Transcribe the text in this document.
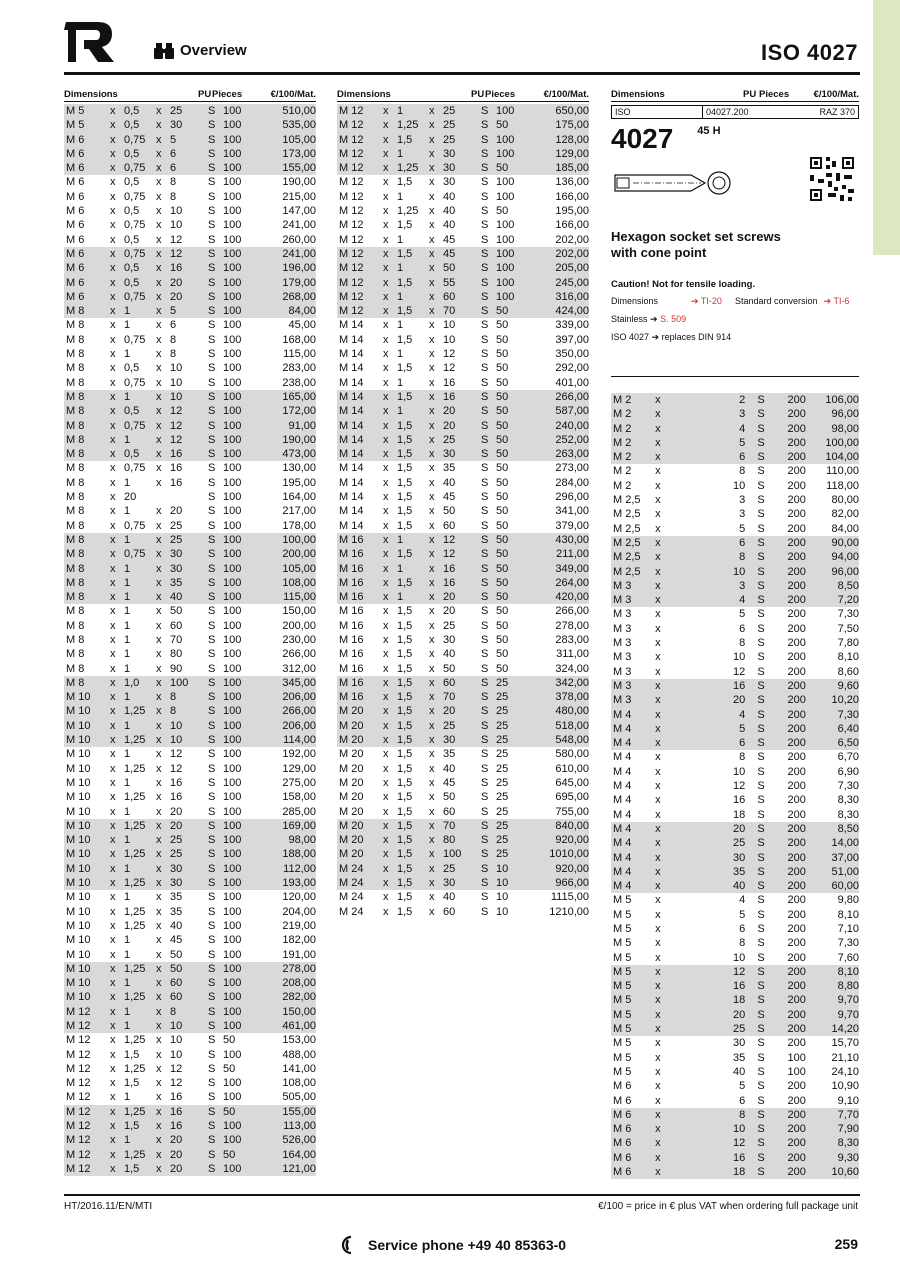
Overview	ISO 4027
Dimensions	PU Pieces	€/100/Mat.
M 5	x 0,5	x 25	S 100	510,00
M 5	x 0,5	x 30	S 100	535,00
M 6	x 0,75 x 5	S 100	105,00
M 6	x 0,5	x 6	S 100	173,00
M 6	x 0,75 x 6	S 100	155,00
M 6	x 0,5	x 8	S 100	190,00
M 6	x 0,75 x 8	S 100	215,00
M 6	x 0,5	x 10	S 100	147,00
M 6	x 0,75 x 10	S 100	241,00
M 6	x 0,5	x 12	S 100	260,00
M 6	x 0,75 x 12	S 100	241,00
M 6	x 0,5	x 16	S 100	196,00
M 6	x 0,5	x 20	S 100	179,00
M 6	x 0,75 x 20	S 100	268,00
M 8	x 1	x 5	S 100	84,00
M 8	x 1	x 6	S 100	45,00
M 8	x 0,75 x 8	S 100	168,00
M 8	x 1	x 8	S 100	115,00
M 8	x 0,5	x 10	S 100	283,00
M 8	x 0,75 x 10	S 100	238,00
M 8	x 1	x 10	S 100	165,00
M 8	x 0,5	x 12	S 100	172,00
M 8	x 0,75 x 12	S 100	91,00
M 8	x 1	x 12	S 100	190,00
M 8	x 0,5	x 16	S 100	473,00
M 8	x 0,75 x 16	S 100	130,00
M 8	x 1	x 16	S 100	195,00
M 8	x 20	S 100	164,00
M 8	x 1	x 20	S 100	217,00
M 8	x 0,75 x 25	S 100	178,00
M 8	x 1	x 25	S 100	100,00
M 8	x 0,75 x 30	S 100	200,00
M 8	x 1	x 30	S 100	105,00
M 8	x 1	x 35	S 100	108,00
M 8	x 1	x 40	S 100	115,00
M 8	x 1	x 50	S 100	150,00
M 8	x 1	x 60	S 100	200,00
M 8	x 1	x 70	S 100	230,00
M 8	x 1	x 80	S 100	266,00
M 8	x 1	x 90	S 100	312,00
M 8	x 1,0	x 100	S 100	345,00
M 10	x 1	x 8	S 100	206,00
M 10	x 1,25 x 8	S 100	266,00
M 10	x 1	x 10	S 100	206,00
M 10	x 1,25 x 10	S 100	114,00
M 10	x 1	x 12	S 100	192,00
M 10	x 1,25 x 12	S 100	129,00
M 10	x 1	x 16	S 100	275,00
M 10	x 1,25 x 16	S 100	158,00
M 10	x 1	x 20	S 100	285,00
M 10	x 1,25 x 20	S 100	169,00
M 10	x 1	x 25	S 100	98,00
M 10	x 1,25 x 25	S 100	188,00
M 10	x 1	x 30	S 100	112,00
M 10	x 1,25 x 30	S 100	193,00
M 10	x 1	x 35	S 100	120,00
M 10	x 1,25 x 35	S 100	204,00
M 10	x 1,25 x 40	S 100	219,00
M 10	x 1	x 45	S 100	182,00
M 10	x 1	x 50	S 100	191,00
M 10	x 1,25 x 50	S 100	278,00
M 10	x 1	x 60	S 100	208,00
M 10	x 1,25 x 60	S 100	282,00
M 12	x 1	x 8	S 100	150,00
M 12	x 1	x 10	S 100	461,00
M 12	x 1,25 x 10	S 50	153,00
M 12	x 1,5	x 10	S 100	488,00
M 12	x 1,25 x 12	S 50	141,00
M 12	x 1,5	x 12	S 100	108,00
M 12	x 1	x 16	S 100	505,00
M 12	x 1,25 x 16	S 50	155,00
M 12	x 1,5	x 16	S 100	113,00
M 12	x 1	x 20	S 100	526,00
M 12	x 1,25 x 20	S 50	164,00
M 12	x 1,5	x 20	S 100	121,00
Dimensions	PU Pieces	€/100/Mat.
M 12	x 1	x 25	S 100	650,00
M 12	x 1,25 x 25	S 50	175,00
M 12	x 1,5	x 25	S 100	128,00
M 12	x 1	x 30	S 100	129,00
M 12	x 1,25 x 30	S 50	185,00
M 12	x 1,5	x 30	S 100	136,00
M 12	x 1	x 40	S 100	166,00
M 12	x 1,25 x 40	S 50	195,00
M 12	x 1,5	x 40	S 100	166,00
M 12	x 1	x 45	S 100	202,00
M 12	x 1,5	x 45	S 100	202,00
M 12	x 1	x 50	S 100	205,00
M 12	x 1,5	x 55	S 100	245,00
M 12	x 1	x 60	S 100	316,00
M 12	x 1,5	x 70	S 50	424,00
M 14	x 1	x 10	S 50	339,00
M 14	x 1,5	x 10	S 50	397,00
M 14	x 1	x 12	S 50	350,00
M 14	x 1,5	x 12	S 50	292,00
M 14	x 1	x 16	S 50	401,00
M 14	x 1,5	x 16	S 50	266,00
M 14	x 1	x 20	S 50	587,00
M 14	x 1,5	x 20	S 50	240,00
M 14	x 1,5	x 25	S 50	252,00
M 14	x 1,5	x 30	S 50	263,00
M 14	x 1,5	x 35	S 50	273,00
M 14	x 1,5	x 40	S 50	284,00
M 14	x 1,5	x 45	S 50	296,00
M 14	x 1,5	x 50	S 50	341,00
M 14	x 1,5	x 60	S 50	379,00
M 16	x 1	x 12	S 50	430,00
M 16	x 1,5	x 12	S 50	211,00
M 16	x 1	x 16	S 50	349,00
M 16	x 1,5	x 16	S 50	264,00
M 16	x 1	x 20	S 50	420,00
M 16	x 1,5	x 20	S 50	266,00
M 16	x 1,5	x 25	S 50	278,00
M 16	x 1,5	x 30	S 50	283,00
M 16	x 1,5	x 40	S 50	311,00
M 16	x 1,5	x 50	S 50	324,00
M 16	x 1,5	x 60	S 25	342,00
M 16	x 1,5	x 70	S 25	378,00
M 20	x 1,5	x 20	S 25	480,00
M 20	x 1,5	x 25	S 25	518,00
M 20	x 1,5	x 30	S 25	548,00
M 20	x 1,5	x 35	S 25	580,00
M 20	x 1,5	x 40	S 25	610,00
M 20	x 1,5	x 45	S 25	645,00
M 20	x 1,5	x 50	S 25	695,00
M 20	x 1,5	x 60	S 25	755,00
M 20	x 1,5	x 70	S 25	840,00
M 20	x 1,5	x 80	S 25	920,00
M 20	x 1,5	x 100	S 25	1010,00
M 24	x 1,5	x 25	S 10	920,00
M 24	x 1,5	x 30	S 10	966,00
M 24	x 1,5	x 40	S 10	1115,00
M 24	x 1,5	x 60	S 10	1210,00
Dimensions	PU Pieces	€/100/Mat.
ISO	04027.200	RAZ 370
4027 45 H
Hexagon socket set screws
with cone point
Caution! Not for tensile loading.
Dimensions	➔ TI-20	Standard conversion ➔ TI-6
Stainless ➔ S. 509
ISO 4027 ➔ replaces DIN 914
M 2	x	2	S	200	106,00
M 2	x	3	S	200	96,00
M 2	x	4	S	200	98,00
M 2	x	5	S	200	100,00
M 2	x	6	S	200	104,00
M 2	x	8	S	200	110,00
M 2	x	10	S	200	118,00
M 2,5	x	3	S	200	80,00
M 2,5	x	3	S	200	82,00
M 2,5	x	5	S	200	84,00
M 2,5	x	6	S	200	90,00
M 2,5	x	8	S	200	94,00
M 2,5	x	10	S	200	96,00
M 3	x	3	S	200	8,50
M 3	x	4	S	200	7,20
M 3	x	5	S	200	7,30
M 3	x	6	S	200	7,50
M 3	x	8	S	200	7,80
M 3	x	10	S	200	8,10
M 3	x	12	S	200	8,60
M 3	x	16	S	200	9,60
M 3	x	20	S	200	10,20
M 4	x	4	S	200	7,30
M 4	x	5	S	200	6,40
M 4	x	6	S	200	6,50
M 4	x	8	S	200	6,70
M 4	x	10	S	200	6,90
M 4	x	12	S	200	7,30
M 4	x	16	S	200	8,30
M 4	x	18	S	200	8,30
M 4	x	20	S	200	8,50
M 4	x	25	S	200	14,00
M 4	x	30	S	200	37,00
M 4	x	35	S	200	51,00
M 4	x	40	S	200	60,00
M 5	x	4	S	200	9,80
M 5	x	5	S	200	8,10
M 5	x	6	S	200	7,10
M 5	x	8	S	200	7,30
M 5	x	10	S	200	7,60
M 5	x	12	S	200	8,10
M 5	x	16	S	200	8,80
M 5	x	18	S	200	9,70
M 5	x	20	S	200	9,70
M 5	x	25	S	200	14,20
M 5	x	30	S	200	15,70
M 5	x	35	S	100	21,10
M 5	x	40	S	100	24,10
M 6	x	5	S	200	10,90
M 6	x	6	S	200	9,10
M 6	x	8	S	200	7,70
M 6	x	10	S	200	7,90
M 6	x	12	S	200	8,30
M 6	x	16	S	200	9,30
M 6	x	18	S	200	10,60
HT/2016.11/EN/MTI	€/100 = price in € plus VAT when ordering full package unit
Service phone +49 40 85363-0	259
